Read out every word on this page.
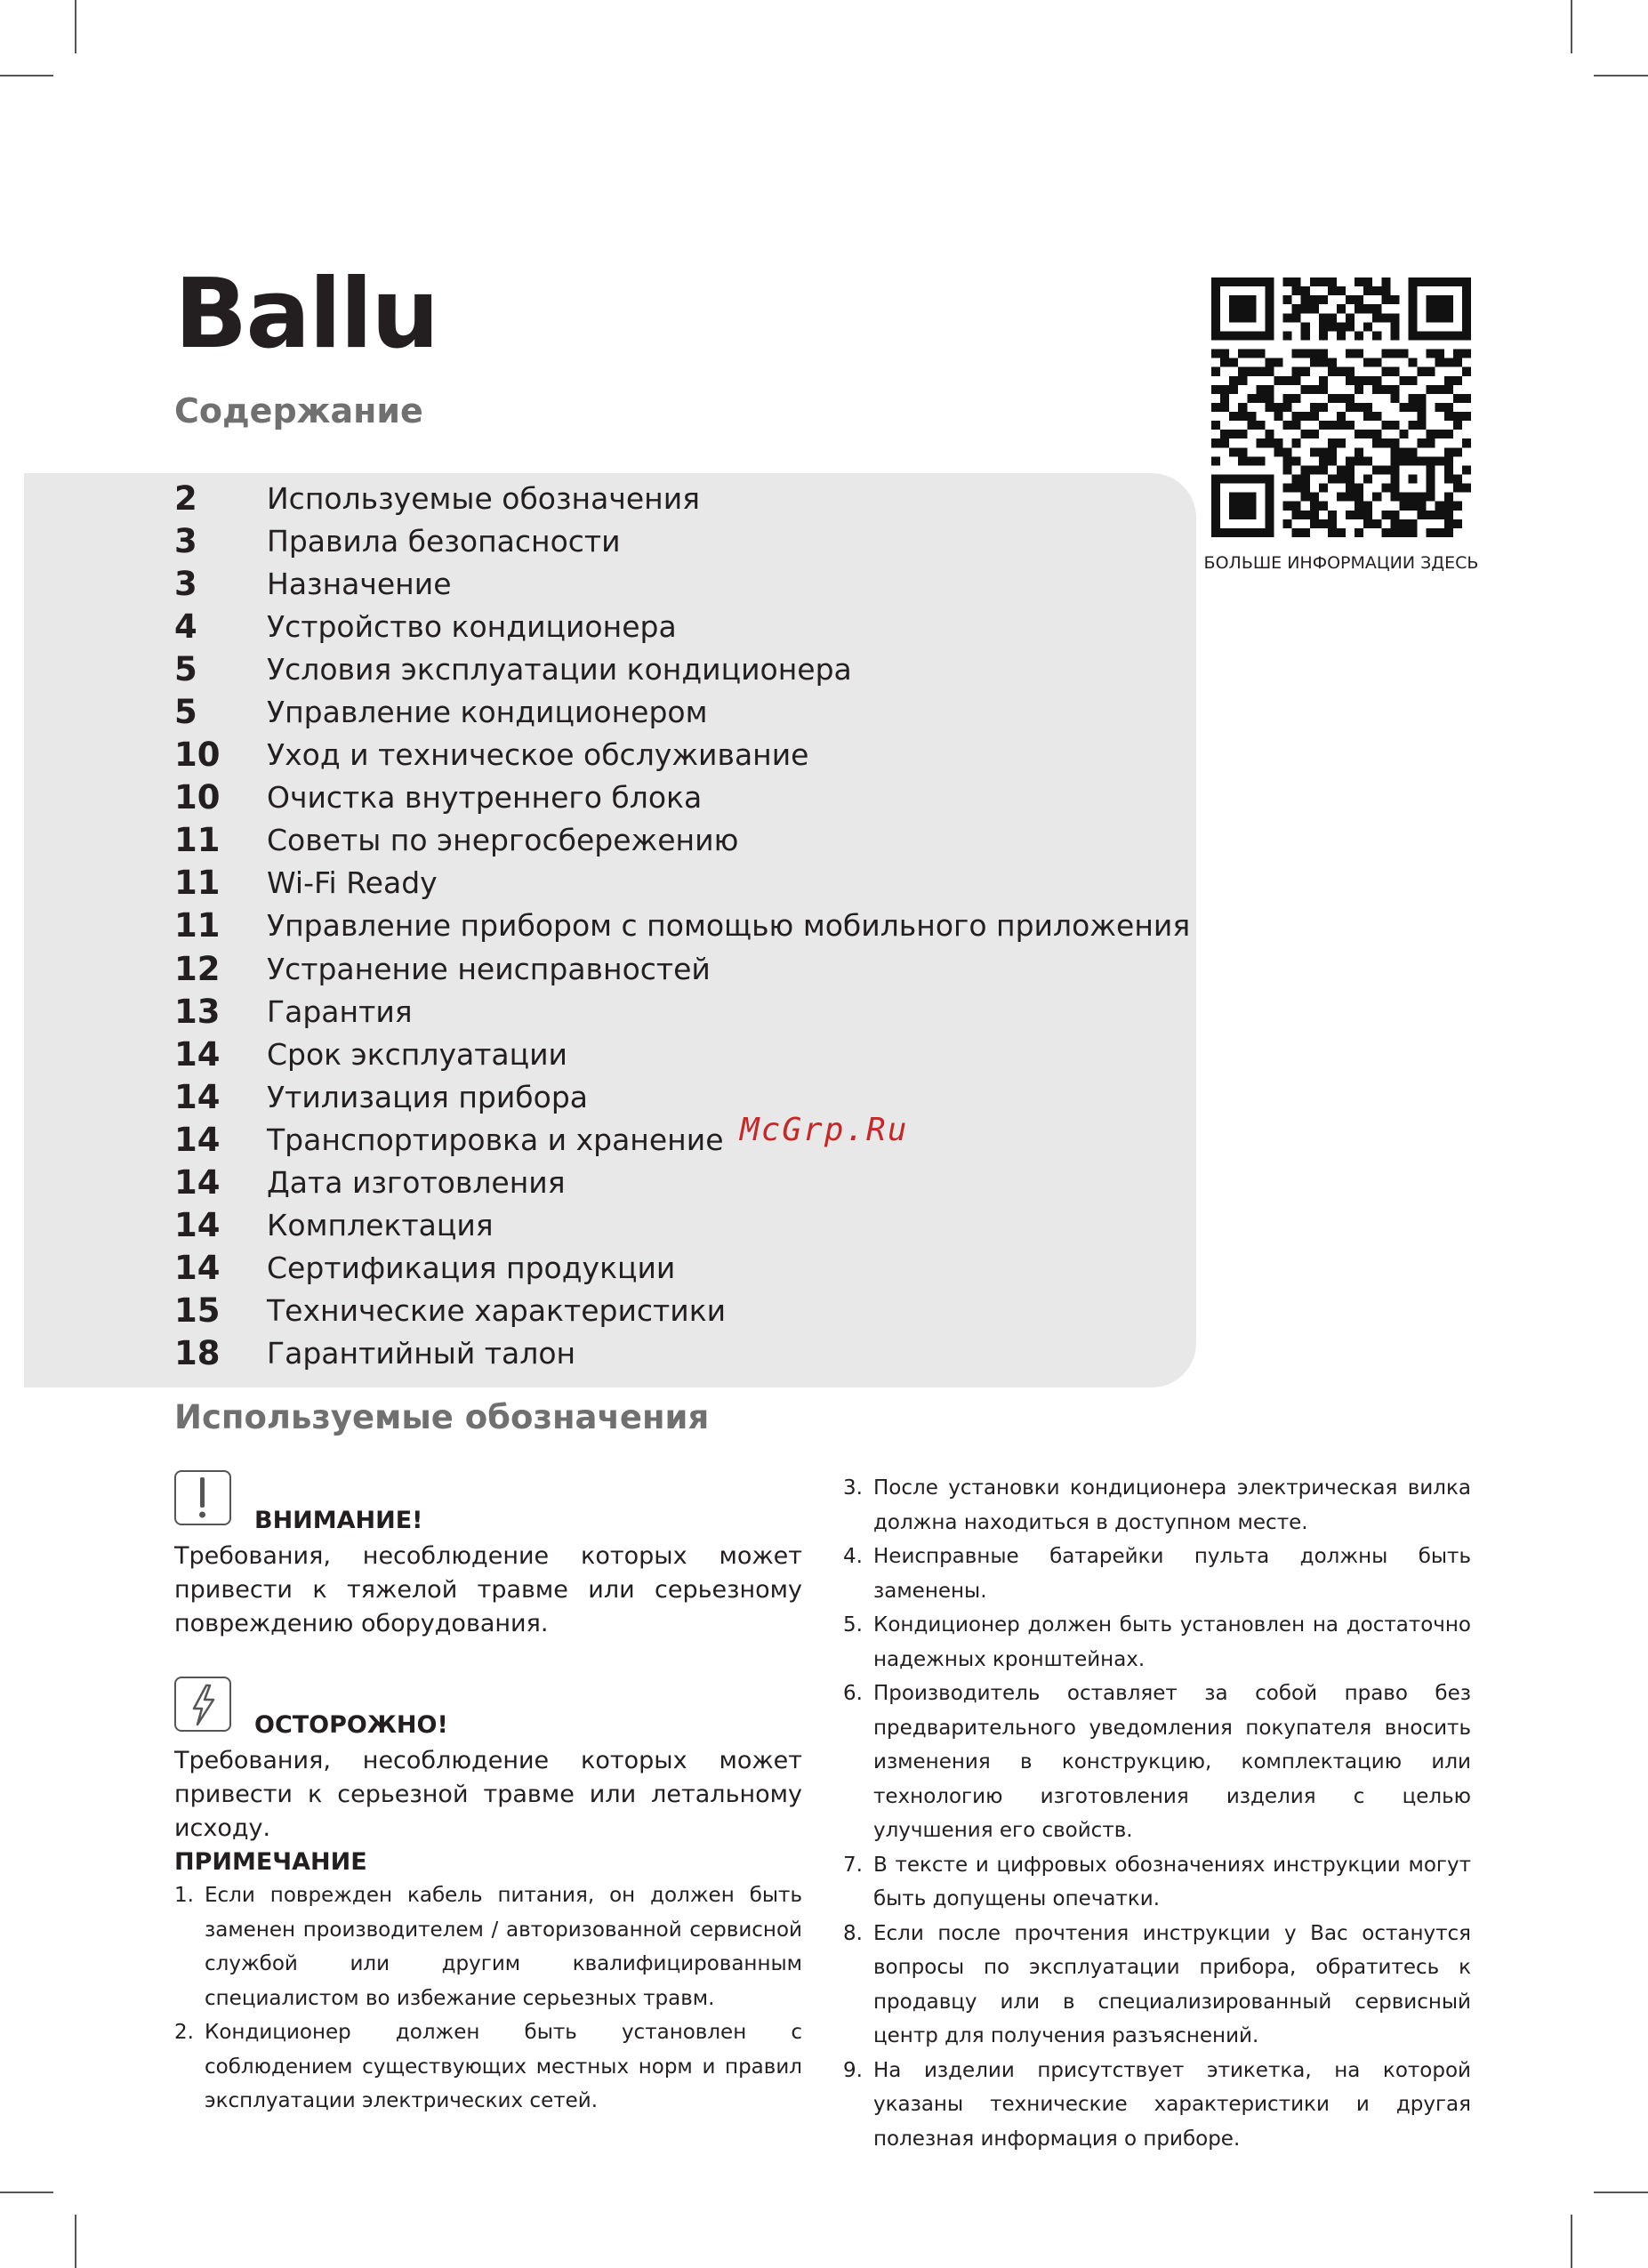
Ballu
Содержание
2	Используемые обозначения
3	Правила безопасности
3	Назначение
4	Устройство кондиционера
5	Условия эксплуатации кондиционера
5	Управление кондиционером
10	Уход и техническое обслуживание
10	Очистка внутреннего блока
11	Советы по энергосбережению
11	Wi-Fi Ready
11	Управление прибором с помощью мобильного приложения
12	Устранение неисправностей
13	Гарантия
14	Срок эксплуатации
14	Утилизация прибора
14	Транспортировка и хранение
14	Дата изготовления
14	Комплектация
14	Сертификация продукции
15	Технические характеристики
18	Гарантийный талон
БОЛЬШЕ ИНФОРМАЦИИ ЗДЕСЬ
McGrp.Ru
Используемые обозначения
ВНИМАНИЕ!
Требования, несоблюдение которых может привести к тяжелой травме или серьезному повреждению оборудования.
ОСТОРОЖНО!
Требования, несоблюдение которых может привести к серьезной травме или летальному исходу.
ПРИМЕЧАНИЕ
1. Если поврежден кабель питания, он должен быть заменен производителем / авторизованной сервисной службой или другим квалифицированным специалистом во избежание серьезных травм.
2. Кондиционер должен быть установлен с соблюдением существующих местных норм и правил эксплуатации электрических сетей.
3. После установки кондиционера электрическая вилка должна находиться в доступном месте.
4. Неисправные батарейки пульта должны быть заменены.
5. Кондиционер должен быть установлен на достаточно надежных кронштейнах.
6. Производитель оставляет за собой право без предварительного уведомления покупателя вносить изменения в конструкцию, комплектацию или технологию изготовления изделия с целью улучшения его свойств.
7. В тексте и цифровых обозначениях инструкции могут быть допущены опечатки.
8. Если после прочтения инструкции у Вас останутся вопросы по эксплуатации прибора, обратитесь к продавцу или в специализированный сервисный центр для получения разъяснений.
9. На изделии присутствует этикетка, на которой указаны технические характеристики и другая полезная информация о приборе.
